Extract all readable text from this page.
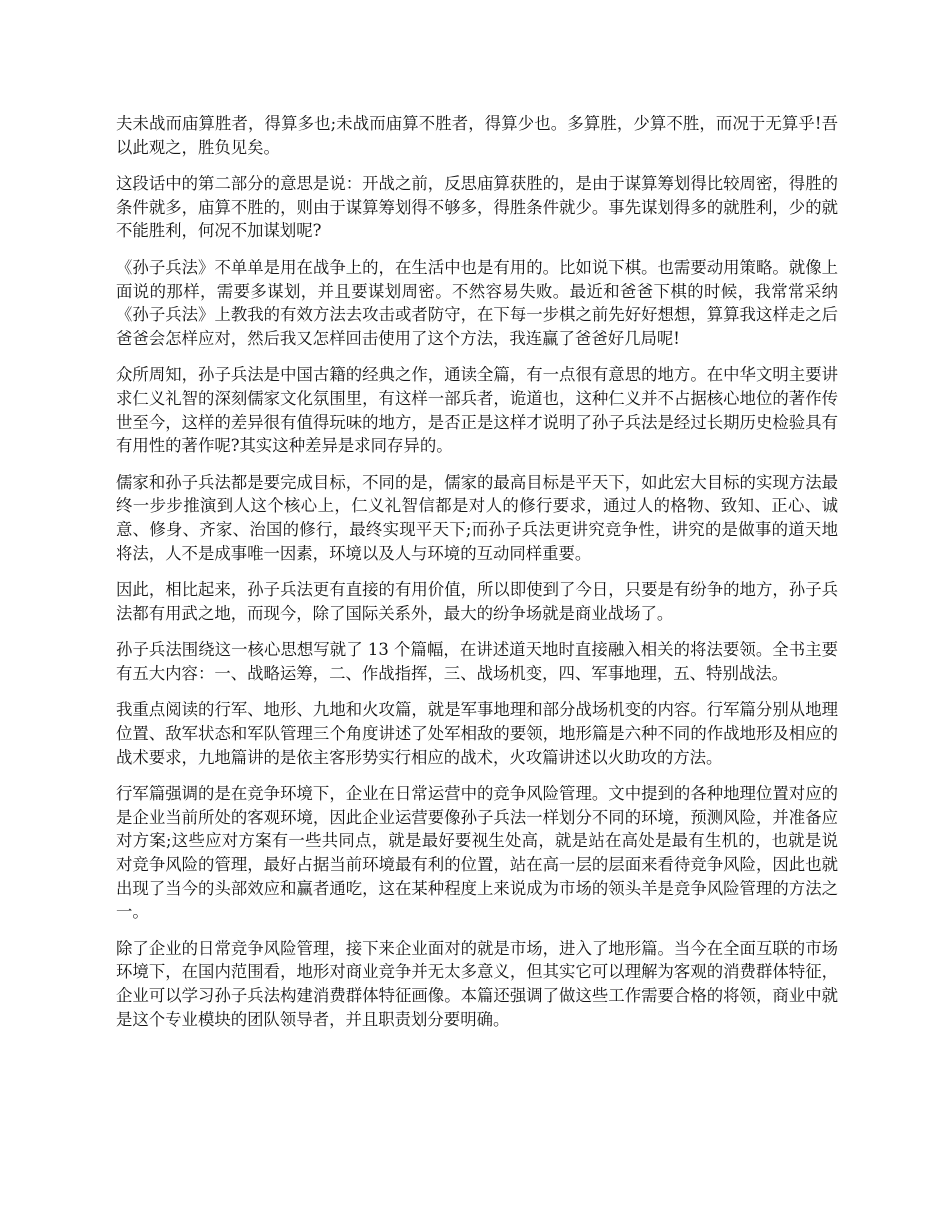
夫未战而庙算胜者，得算多也;未战而庙算不胜者，得算少也。多算胜，少算不胜，而况于无算乎!吾以此观之，胜负见矣。

这段话中的第二部分的意思是说：开战之前，反思庙算获胜的，是由于谋算筹划得比较周密，得胜的条件就多，庙算不胜的，则由于谋算筹划得不够多，得胜条件就少。事先谋划得多的就胜利，少的就不能胜利，何况不加谋划呢?

《孙子兵法》不单单是用在战争上的，在生活中也是有用的。比如说下棋。也需要动用策略。就像上面说的那样，需要多谋划，并且要谋划周密。不然容易失败。最近和爸爸下棋的时候，我常常采纳《孙子兵法》上教我的有效方法去攻击或者防守，在下每一步棋之前先好好想想，算算我这样走之后爸爸会怎样应对，然后我又怎样回击使用了这个方法，我连赢了爸爸好几局呢!

众所周知，孙子兵法是中国古籍的经典之作，通读全篇，有一点很有意思的地方。在中华文明主要讲求仁义礼智的深刻儒家文化氛围里，有这样一部兵者，诡道也，这种仁义并不占据核心地位的著作传世至今，这样的差异很有值得玩味的地方，是否正是这样才说明了孙子兵法是经过长期历史检验具有有用性的著作呢?其实这种差异是求同存异的。

儒家和孙子兵法都是要完成目标，不同的是，儒家的最高目标是平天下，如此宏大目标的实现方法最终一步步推演到人这个核心上，仁义礼智信都是对人的修行要求，通过人的格物、致知、正心、诚意、修身、齐家、治国的修行，最终实现平天下;而孙子兵法更讲究竞争性，讲究的是做事的道天地将法，人不是成事唯一因素，环境以及人与环境的互动同样重要。

因此，相比起来，孙子兵法更有直接的有用价值，所以即使到了今日，只要是有纷争的地方，孙子兵法都有用武之地，而现今，除了国际关系外，最大的纷争场就是商业战场了。

孙子兵法围绕这一核心思想写就了 13 个篇幅，在讲述道天地时直接融入相关的将法要领。全书主要有五大内容：一、战略运筹，二、作战指挥，三、战场机变，四、军事地理，五、特别战法。

我重点阅读的行军、地形、九地和火攻篇，就是军事地理和部分战场机变的内容。行军篇分别从地理位置、敌军状态和军队管理三个角度讲述了处军相敌的要领，地形篇是六种不同的作战地形及相应的战术要求，九地篇讲的是依主客形势实行相应的战术，火攻篇讲述以火助攻的方法。

行军篇强调的是在竞争环境下，企业在日常运营中的竞争风险管理。文中提到的各种地理位置对应的是企业当前所处的客观环境，因此企业运营要像孙子兵法一样划分不同的环境，预测风险，并准备应对方案;这些应对方案有一些共同点，就是最好要视生处高，就是站在高处是最有生机的，也就是说对竞争风险的管理，最好占据当前环境最有利的位置，站在高一层的层面来看待竞争风险，因此也就出现了当今的头部效应和赢者通吃，这在某种程度上来说成为市场的领头羊是竞争风险管理的方法之一。

除了企业的日常竞争风险管理，接下来企业面对的就是市场，进入了地形篇。当今在全面互联的市场环境下，在国内范围看，地形对商业竞争并无太多意义，但其实它可以理解为客观的消费群体特征，企业可以学习孙子兵法构建消费群体特征画像。本篇还强调了做这些工作需要合格的将领，商业中就是这个专业模块的团队领导者，并且职责划分要明确。
